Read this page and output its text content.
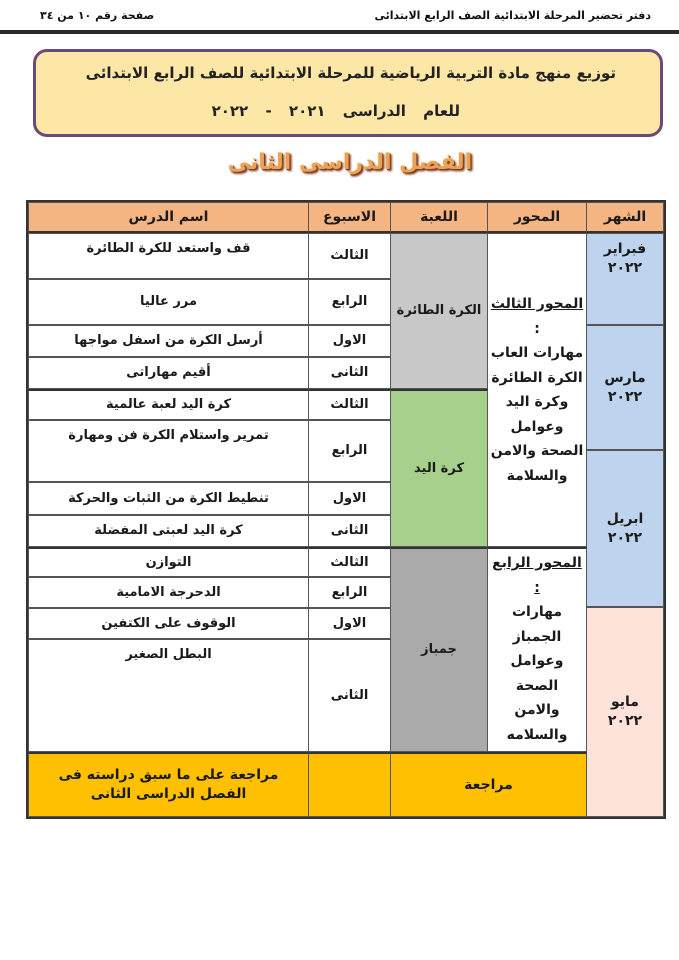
دفتر تحضير المرحلة الابتدائية الصف الرابع الابتدائى
صفحة رقم ١٠ من ٣٤
توزيع منهج مادة التربية الرياضية للمرحلة الابتدائية للصف الرابع الابتدائى
للعام الدراسى ٢٠٢١ - ٢٠٢٢
الفصل الدراسى الثانى
الشهر
المحور
اللعبة
الاسبوع
اسم الدرس
فبراير
٢٠٢٢
مارس
٢٠٢٢
ابريل
٢٠٢٢
مايو
٢٠٢٢
المحور الثالث
:
مهارات العاب
الكرة الطائرة
وكرة اليد
وعوامل
الصحة والامن
والسلامة
المحور الرابع :
مهارات
الجمباز
وعوامل
الصحة
والامن
والسلامه
الكرة الطائرة
كرة اليد
جمباز
الثالث
قف واستعد للكرة الطائرة
الرابع
مرر عاليا
الاول
أرسل الكرة من اسفل مواجها
الثانى
أقيم مهاراتى
الثالث
كرة اليد لعبة عالمية
الرابع
تمرير واستلام الكرة فن ومهارة
الاول
تنطيط الكرة من الثبات والحركة
الثانى
كرة اليد لعبتى المفضلة
الثالث
التوازن
الرابع
الدحرجة الامامية
الاول
الوقوف على الكتفين
الثانى
البطل الصغير
مراجعة
مراجعة على ما سبق دراسته فى
الفصل الدراسى الثانى
